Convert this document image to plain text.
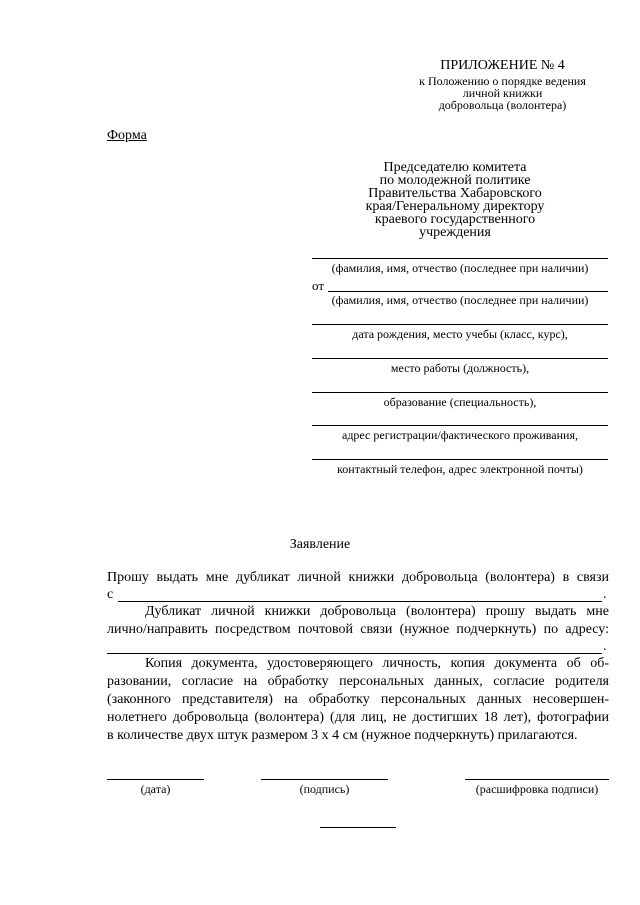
ПРИЛОЖЕНИЕ № 4
к Положению о порядке ведения
личной книжки
добровольца (волонтера)
Форма
Председателю комитета
по молодежной политике
Правительства Хабаровского
края/Генеральному директору
краевого государственного
учреждения
(фамилия, имя, отчество (последнее при наличии)
от
(фамилия, имя, отчество (последнее при наличии)
дата рождения, место учебы (класс, курс),
место работы (должность),
образование (специальность),
адрес регистрации/фактического проживания,
контактный телефон, адрес электронной почты)
Заявление
Прошу выдать мне дубликат личной книжки добровольца (волонтера) в связи
с	.
Дубликат личной книжки добровольца (волонтера) прошу выдать мне
лично/направить посредством почтовой связи (нужное подчеркнуть) по адресу:
.
Копия документа, удостоверяющего личность, копия документа об об-
разовании, согласие на обработку персональных данных, согласие родителя
(законного представителя) на обработку персональных данных несовершен-
нолетнего добровольца (волонтера) (для лиц, не достигших 18 лет), фотографии
в количестве двух штук размером 3 х 4 см (нужное подчеркнуть) прилагаются.
(дата)	(подпись)	(расшифровка подписи)
